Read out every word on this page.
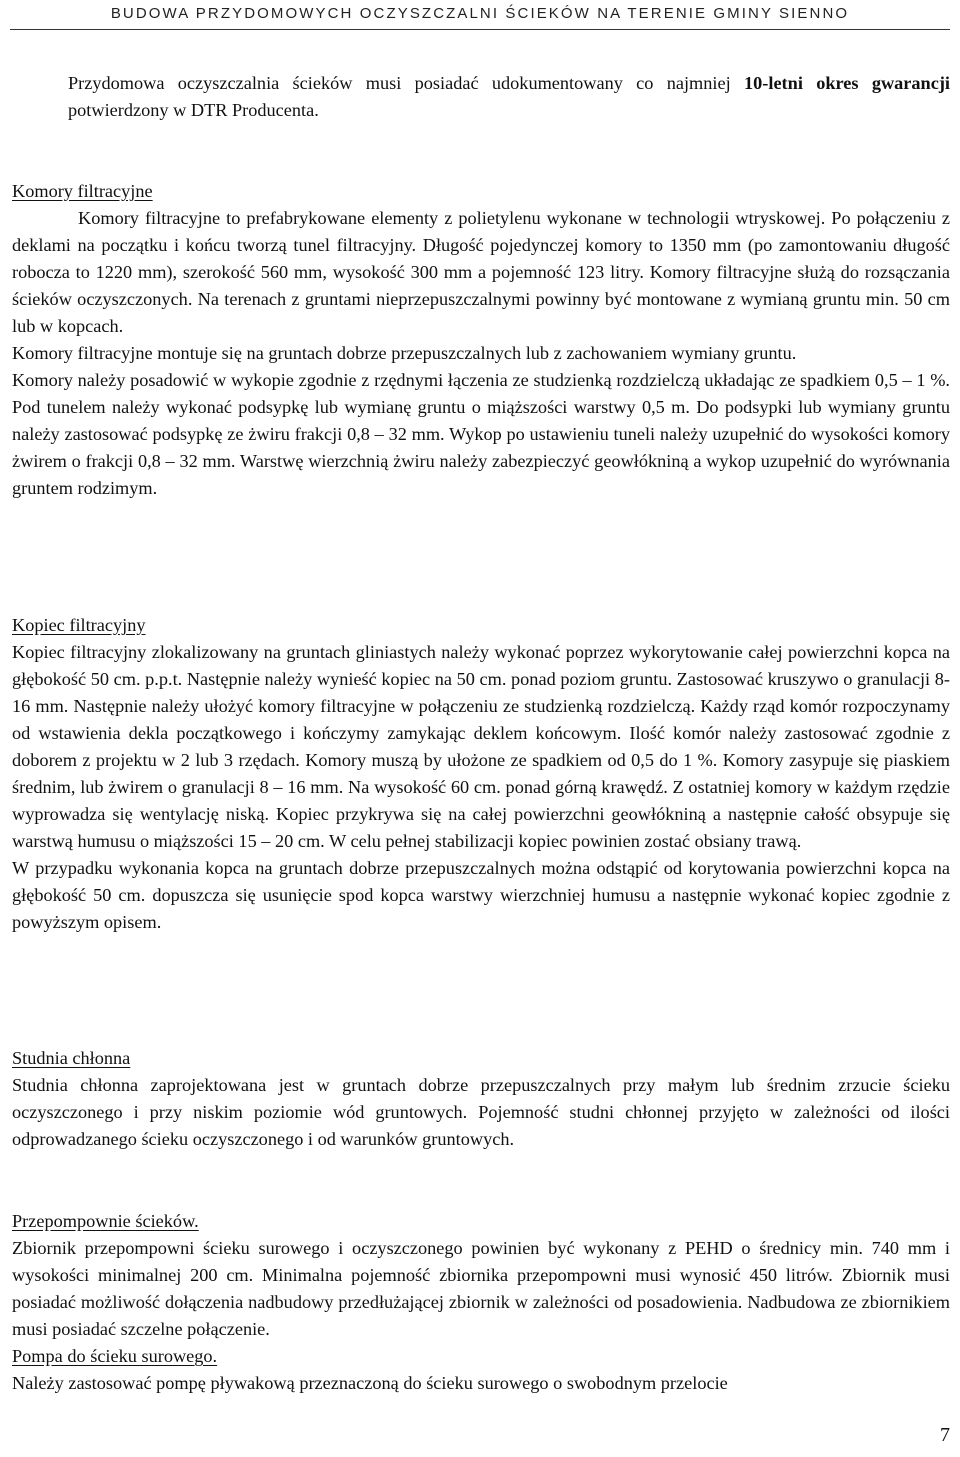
BUDOWA PRZYDOMOWYCH OCZYSZCZALNI ŚCIEKÓW NA TERENIE GMINY SIENNO

Przydomowa oczyszczalnia ścieków musi posiadać udokumentowany co najmniej 10-letni okres gwarancji potwierdzony w DTR Producenta.

Komory filtracyjne

Komory filtracyjne to prefabrykowane elementy z polietylenu wykonane w technologii wtryskowej. Po połączeniu z deklami na początku i końcu tworzą tunel filtracyjny. Długość pojedynczej komory to 1350 mm (po zamontowaniu długość robocza to 1220 mm), szerokość 560 mm, wysokość 300 mm a pojemność 123 litry. Komory filtracyjne służą do rozsączania ścieków oczyszczonych. Na terenach z gruntami nieprzepuszczalnymi powinny być montowane z wymianą gruntu min. 50 cm lub w kopcach.

Komory filtracyjne montuje się na gruntach dobrze przepuszczalnych lub z zachowaniem wymiany gruntu.

Komory należy posadowić w wykopie zgodnie z rzędnymi łączenia ze studzienką rozdzielczą układając ze spadkiem 0,5 – 1 %. Pod tunelem należy wykonać podsypkę lub wymianę gruntu o miąższości warstwy 0,5 m. Do podsypki lub wymiany gruntu należy zastosować podsypkę ze żwiru frakcji 0,8 – 32 mm. Wykop po ustawieniu tuneli należy uzupełnić do wysokości komory żwirem o frakcji 0,8 – 32 mm. Warstwę wierzchnią żwiru należy zabezpieczyć geowłókniną a wykop uzupełnić do wyrównania gruntem rodzimym.

Kopiec filtracyjny

Kopiec filtracyjny zlokalizowany na gruntach gliniastych należy wykonać poprzez wykorytowanie całej powierzchni kopca na głębokość 50 cm. p.p.t. Następnie należy wynieść kopiec na 50 cm. ponad poziom gruntu. Zastosować kruszywo o granulacji 8-16 mm. Następnie należy ułożyć komory filtracyjne w połączeniu ze studzienką rozdzielczą. Każdy rząd komór rozpoczynamy od wstawienia dekla początkowego i kończymy zamykając deklem końcowym. Ilość komór należy zastosować zgodnie z doborem z projektu w 2 lub 3 rzędach. Komory muszą by ułożone ze spadkiem od 0,5 do 1 %. Komory zasypuje się piaskiem średnim, lub żwirem o granulacji 8 – 16 mm. Na wysokość 60 cm. ponad górną krawędź. Z ostatniej komory w każdym rzędzie wyprowadza się wentylację niską. Kopiec przykrywa się na całej powierzchni geowłókniną a następnie całość obsypuje się warstwą humusu o miąższości 15 – 20 cm. W celu pełnej stabilizacji kopiec powinien zostać obsiany trawą.

W przypadku wykonania kopca na gruntach dobrze przepuszczalnych można odstąpić od korytowania powierzchni kopca na głębokość 50 cm. dopuszcza się usunięcie spod kopca warstwy wierzchniej humusu a następnie wykonać kopiec zgodnie z powyższym opisem.

Studnia chłonna

Studnia chłonna zaprojektowana jest w gruntach dobrze przepuszczalnych przy małym lub średnim zrzucie ścieku oczyszczonego i przy niskim poziomie wód gruntowych. Pojemność studni chłonnej przyjęto w zależności od ilości odprowadzanego ścieku oczyszczonego i od warunków gruntowych.

Przepompownie ścieków.

Zbiornik przepompowni ścieku surowego i oczyszczonego powinien być wykonany z PEHD o średnicy min. 740 mm i wysokości minimalnej 200 cm. Minimalna pojemność zbiornika przepompowni musi wynosić 450 litrów. Zbiornik musi posiadać możliwość dołączenia nadbudowy przedłużającej zbiornik w zależności od posadowienia. Nadbudowa ze zbiornikiem musi posiadać szczelne połączenie.

Pompa do ścieku surowego.

Należy zastosować pompę pływakową przeznaczoną do ścieku surowego o swobodnym przelocie

7
